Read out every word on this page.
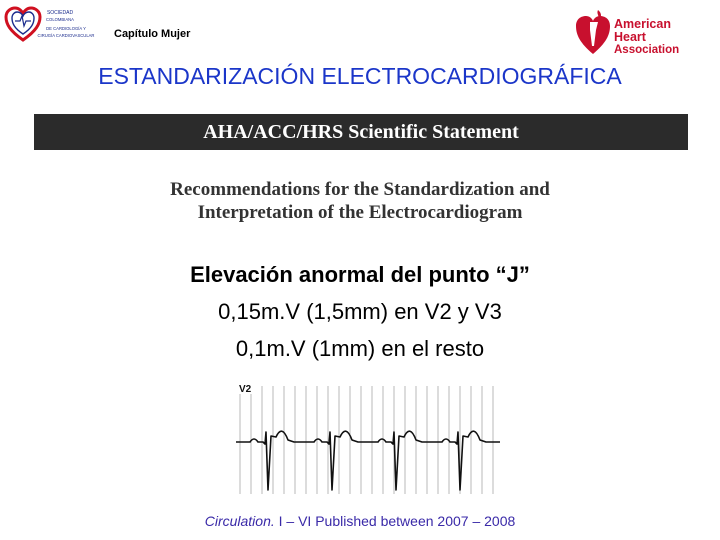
SOCIEDAD
COLOMBIANA
DE CARDIOLOGÍA Y
CIRUGÍA CARDIOVASCULAR Capítulo Mujer
American
Heart
Association
ESTANDARIZACIÓN ELECTROCARDIOGRÁFICA
AHA/ACC/HRS Scientific Statement
Recommendations for the Standardization and
Interpretation of the Electrocardiogram
Elevación anormal del punto “J”
0,15m.V (1,5mm) en V2 y V3
0,1m.V (1mm) en el resto
V2
Circulation. I – VI Published between 2007 – 2008
